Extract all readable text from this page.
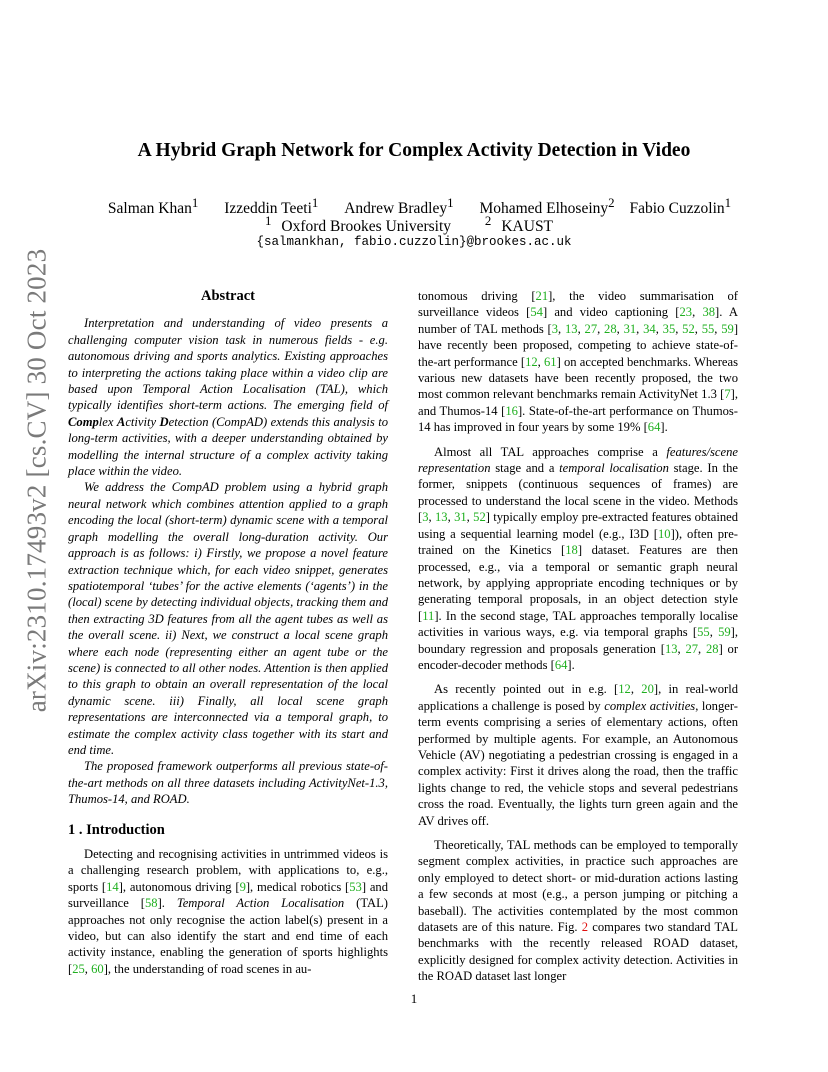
arXiv:2310.17493v2 [cs.CV] 30 Oct 2023
A Hybrid Graph Network for Complex Activity Detection in Video
Salman Khan$^1$ Izzeddin Teeti$^1$ Andrew Bradley$^1$ Mohamed Elhoseiny$^2$ Fabio Cuzzolin$^1$
$^1$ Oxford Brookes University	$^2$ KAUST
{salmankhan, fabio.cuzzolin}@brookes.ac.uk
Abstract

Interpretation and understanding of video presents a challenging computer vision task in numerous fields - e.g. autonomous driving and sports analytics. Existing approaches to interpreting the actions taking place within a video clip are based upon Temporal Action Localisation (TAL), which typically identifies short-term actions. The emerging field of Complex Activity Detection (CompAD) extends this analysis to long-term activities, with a deeper understanding obtained by modelling the internal structure of a complex activity taking place within the video.

We address the CompAD problem using a hybrid graph neural network which combines attention applied to a graph encoding the local (short-term) dynamic scene with a temporal graph modelling the overall long-duration activity. Our approach is as follows: i) Firstly, we propose a novel feature extraction technique which, for each video snippet, generates spatiotemporal ‘tubes’ for the active elements (‘agents’) in the (local) scene by detecting individual objects, tracking them and then extracting 3D features from all the agent tubes as well as the overall scene. ii) Next, we construct a local scene graph where each node (representing either an agent tube or the scene) is connected to all other nodes. Attention is then applied to this graph to obtain an overall representation of the local dynamic scene. iii) Finally, all local scene graph representations are interconnected via a temporal graph, to estimate the complex activity class together with its start and end time.

The proposed framework outperforms all previous state-of-the-art methods on all three datasets including ActivityNet-1.3, Thumos-14, and ROAD.

1 . Introduction

Detecting and recognising activities in untrimmed videos is a challenging research problem, with applications to, e.g., sports [14], autonomous driving [9], medical robotics [53] and surveillance [58]. Temporal Action Localisation (TAL) approaches not only recognise the action label(s) present in a video, but can also identify the start and end time of each activity instance, enabling the generation of sports highlights [25, 60], the understanding of road scenes in au-

tonomous driving [21], the video summarisation of surveillance videos [54] and video captioning [23, 38]. A number of TAL methods [3, 13, 27, 28, 31, 34, 35, 52, 55, 59] have recently been proposed, competing to achieve state-of-the-art performance [12, 61] on accepted benchmarks. Whereas various new datasets have been recently proposed, the two most common relevant benchmarks remain ActivityNet 1.3 [7], and Thumos-14 [16]. State-of-the-art performance on Thumos-14 has improved in four years by some 19% [64].

Almost all TAL approaches comprise a features/scene representation stage and a temporal localisation stage. In the former, snippets (continuous sequences of frames) are processed to understand the local scene in the video. Methods [3, 13, 31, 52] typically employ pre-extracted features obtained using a sequential learning model (e.g., I3D [10]), often pre-trained on the Kinetics [18] dataset. Features are then processed, e.g., via a temporal or semantic graph neural network, by applying appropriate encoding techniques or by generating temporal proposals, in an object detection style [11]. In the second stage, TAL approaches temporally localise activities in various ways, e.g. via temporal graphs [55, 59], boundary regression and proposals generation [13, 27, 28] or encoder-decoder methods [64].

As recently pointed out in e.g. [12, 20], in real-world applications a challenge is posed by complex activities, longer-term events comprising a series of elementary actions, often performed by multiple agents. For example, an Autonomous Vehicle (AV) negotiating a pedestrian crossing is engaged in a complex activity: First it drives along the road, then the traffic lights change to red, the vehicle stops and several pedestrians cross the road. Eventually, the lights turn green again and the AV drives off.

Theoretically, TAL methods can be employed to temporally segment complex activities, in practice such approaches are only employed to detect short- or mid-duration actions lasting a few seconds at most (e.g., a person jumping or pitching a baseball). The activities contemplated by the most common datasets are of this nature. Fig. 2 compares two standard TAL benchmarks with the recently released ROAD dataset, explicitly designed for complex activity detection. Activities in the ROAD dataset last longer

1
